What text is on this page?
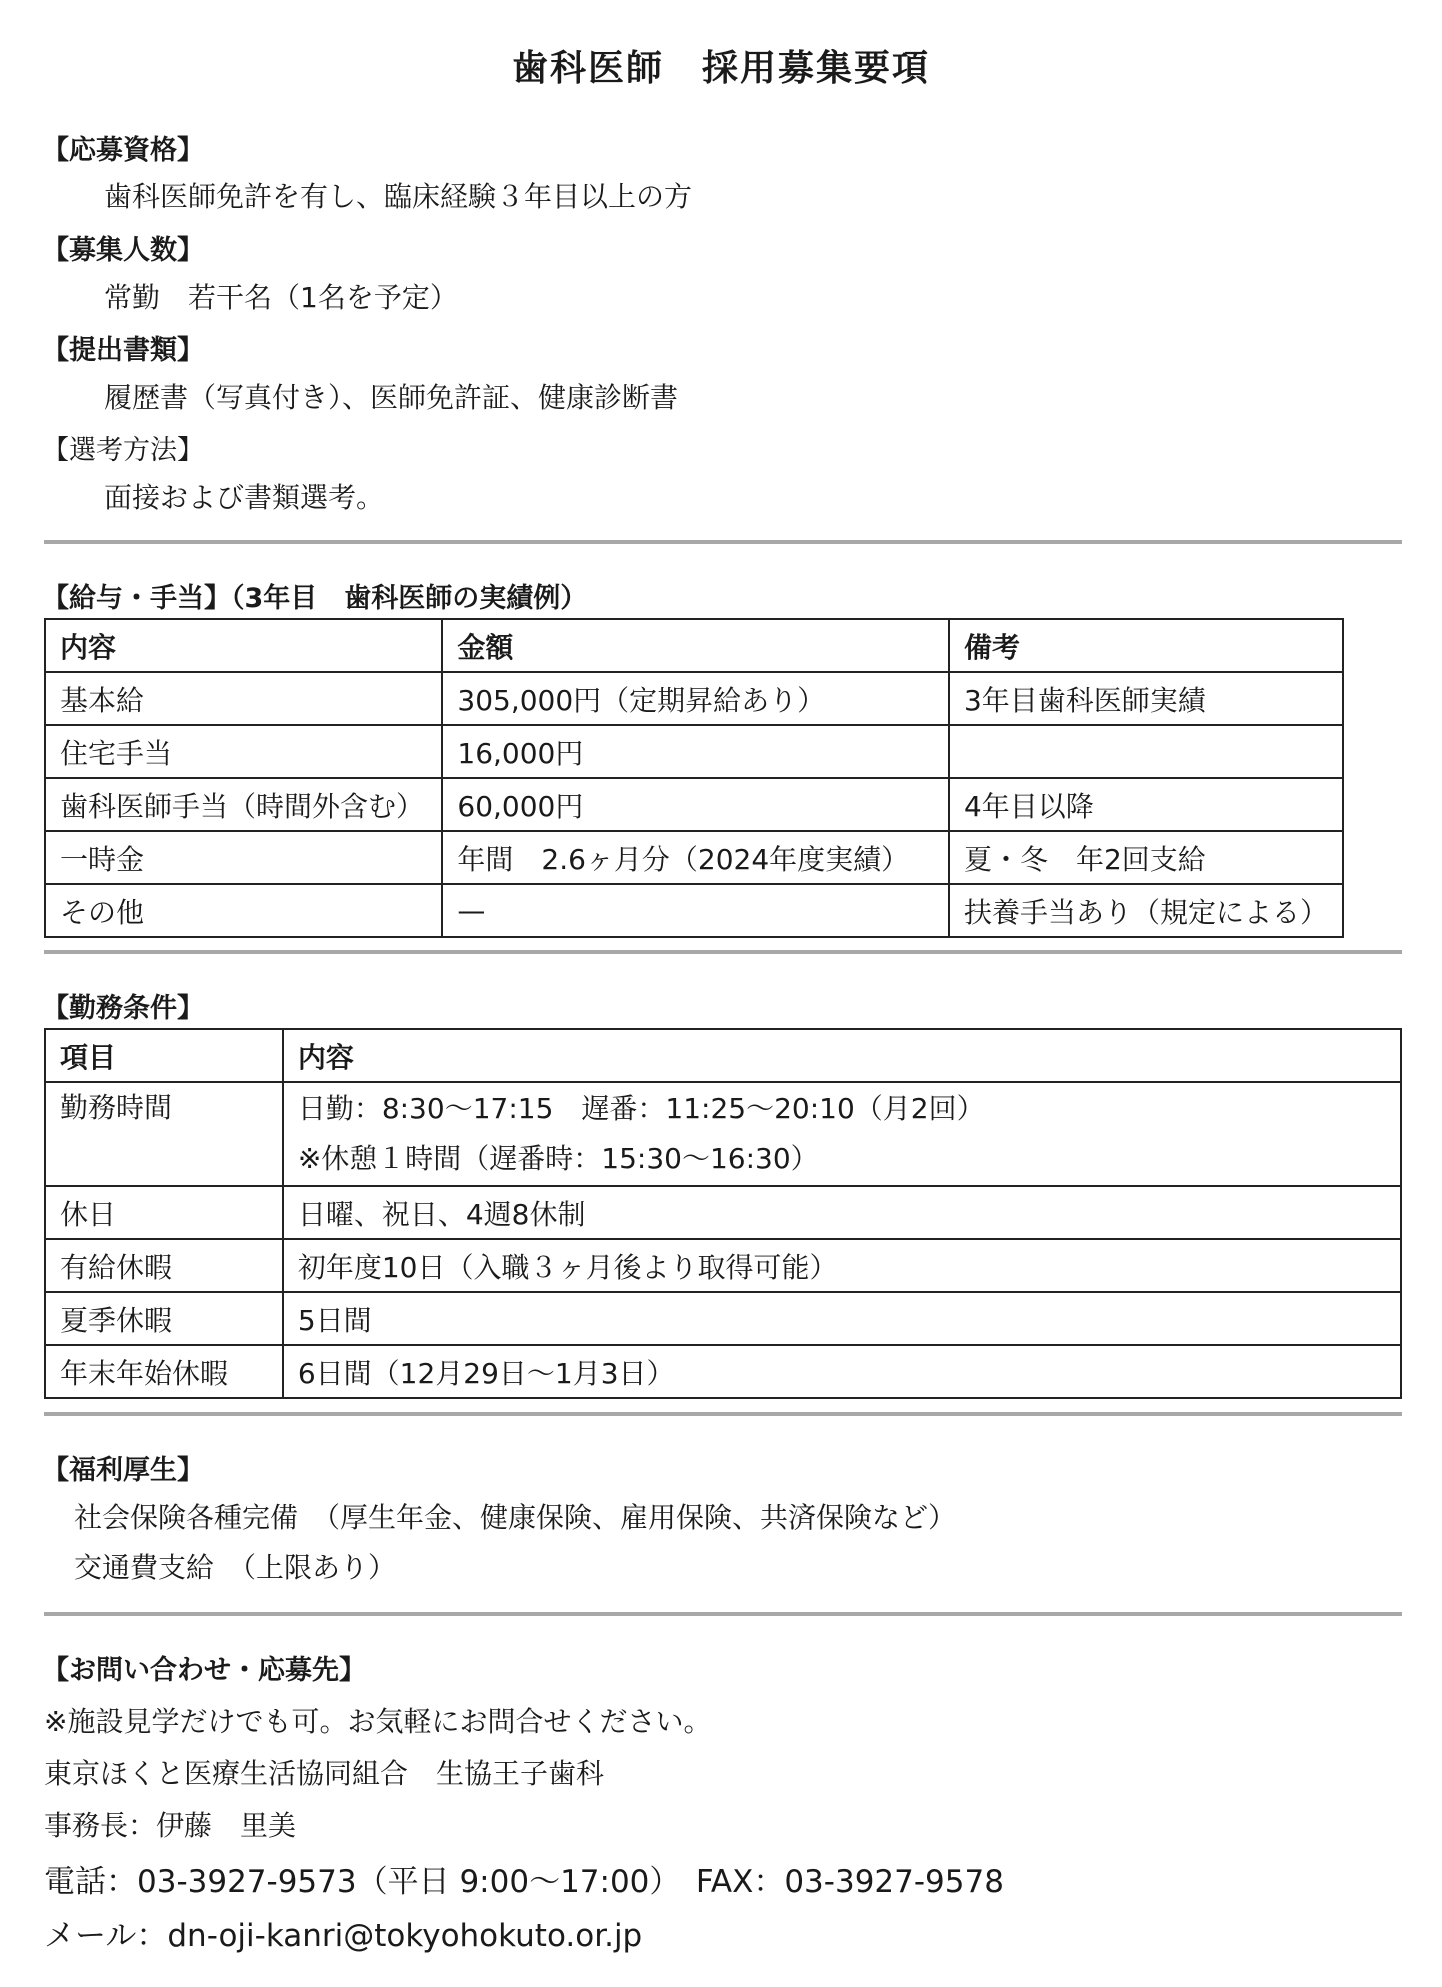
歯科医師　採用募集要項
【応募資格】
歯科医師免許を有し、臨床経験３年目以上の方
【募集人数】
常勤　若干名（1名を予定）
【提出書類】
履歴書（写真付き）、医師免許証、健康診断書
【選考方法】
面接および書類選考。
【給与・手当】（3年目　歯科医師の実績例）
内容	金額	備考
基本給	305,000円（定期昇給あり）	3年目歯科医師実績
住宅手当	16,000円	
歯科医師手当（時間外含む）	60,000円	4年目以降
一時金	年間　2.6ヶ月分（2024年度実績）	夏・冬　年2回支給
その他	—	扶養手当あり（規定による）
【勤務条件】
項目	内容
勤務時間	日勤：8:30～17:15　遅番：11:25～20:10（月2回）
※休憩１時間（遅番時：15:30～16:30）

休日	日曜、祝日、4週8休制
有給休暇	初年度10日（入職３ヶ月後より取得可能）
夏季休暇	5日間
年末年始休暇	6日間（12月29日～1月3日）
【福利厚生】
社会保険各種完備　（厚生年金、健康保険、雇用保険、共済保険など）
交通費支給　（上限あり）
【お問い合わせ・応募先】
※施設見学だけでも可。お気軽にお問合せください。
東京ほくと医療生活協同組合　生協王子歯科
事務長：伊藤　里美
電話：03-3927-9573（平日 9:00～17:00）　FAX：03-3927-9578
メール：dn-oji-kanri@tokyohokuto.or.jp
